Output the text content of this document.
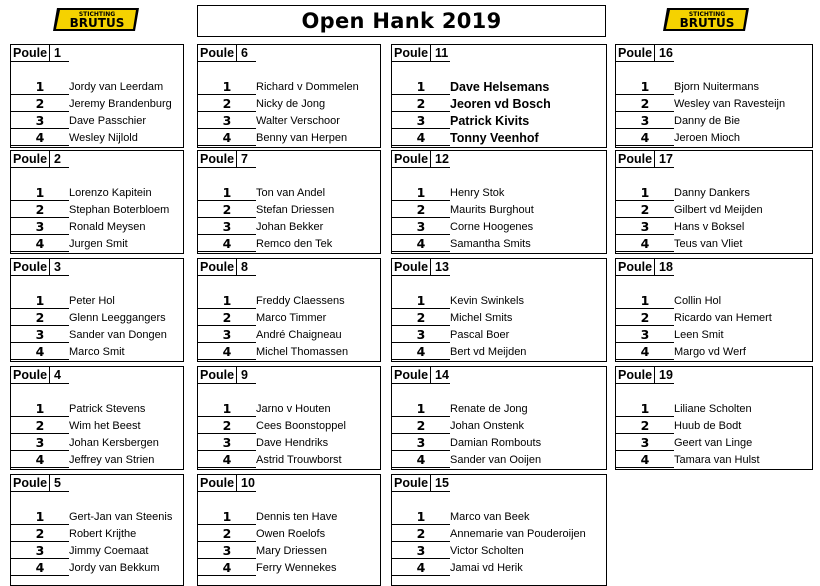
STICHTING
BRUTUS
STICHTING
BRUTUS
Open Hank 2019
Poule 1
1	Jordy van Leerdam
2	Jeremy Brandenburg
3	Dave Passchier
4	Wesley Nijlold
Poule 2
1	Lorenzo Kapitein
2	Stephan Boterbloem
3	Ronald Meysen
4	Jurgen Smit
Poule 3
1	Peter Hol
2	Glenn Leeggangers
3	Sander van Dongen
4	Marco Smit
Poule 4
1	Patrick Stevens
2	Wim het Beest
3	Johan Kersbergen
4	Jeffrey van Strien
Poule 5
1	Gert-Jan van Steenis
2	Robert Krijthe
3	Jimmy Coemaat
4	Jordy van Bekkum
Poule 6
1	Richard v Dommelen
2	Nicky de Jong
3	Walter Verschoor
4	Benny van Herpen
Poule 7
1	Ton van Andel
2	Stefan Driessen
3	Johan Bekker
4	Remco den Tek
Poule 8
1	Freddy Claessens
2	Marco Timmer
3	André Chaigneau
4	Michel Thomassen
Poule 9
1	Jarno v Houten
2	Cees Boonstoppel
3	Dave Hendriks
4	Astrid Trouwborst
Poule 10
1	Dennis ten Have
2	Owen Roelofs
3	Mary Driessen
4	Ferry Wennekes
Poule 11
1	Dave Helsemans
2	Jeoren vd Bosch
3	Patrick Kivits
4	Tonny Veenhof
Poule 12
1	Henry Stok
2	Maurits Burghout
3	Corne Hoogenes
4	Samantha Smits
Poule 13
1	Kevin Swinkels
2	Michel Smits
3	Pascal Boer
4	Bert vd Meijden
Poule 14
1	Renate de Jong
2	Johan Onstenk
3	Damian Rombouts
4	Sander van Ooijen
Poule 15
1	Marco van Beek
2	Annemarie van Pouderoijen
3	Victor Scholten
4	Jamai vd Herik
Poule 16
1	Bjorn Nuitermans
2	Wesley van Ravesteijn
3	Danny de Bie
4	Jeroen Mioch
Poule 17
1	Danny Dankers
2	Gilbert vd Meijden
3	Hans v Boksel
4	Teus van Vliet
Poule 18
1	Collin Hol
2	Ricardo van Hemert
3	Leen Smit
4	Margo vd Werf
Poule 19
1	Liliane Scholten
2	Huub de Bodt
3	Geert van Linge
4	Tamara van Hulst
